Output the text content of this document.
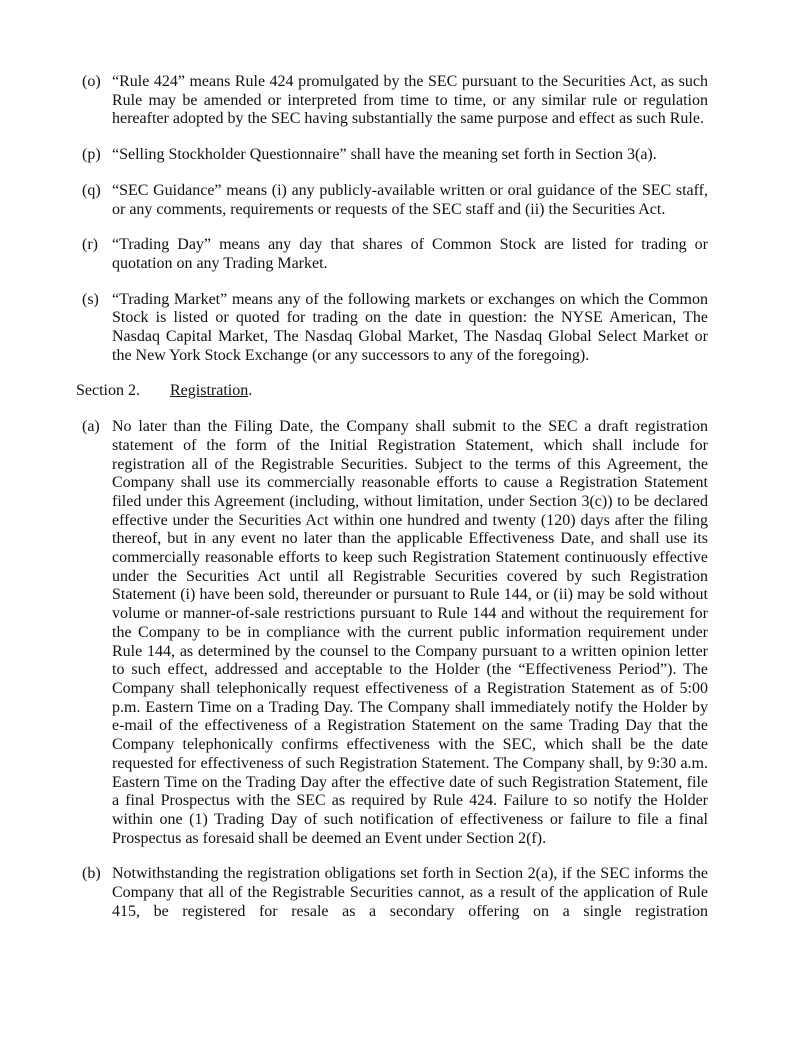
(o) “Rule 424” means Rule 424 promulgated by the SEC pursuant to the Securities Act, as such Rule may be amended or interpreted from time to time, or any similar rule or regulation hereafter adopted by the SEC having substantially the same purpose and effect as such Rule.

(p) “Selling Stockholder Questionnaire” shall have the meaning set forth in Section 3(a).

(q) “SEC Guidance” means (i) any publicly-available written or oral guidance of the SEC staff, or any comments, requirements or requests of the SEC staff and (ii) the Securities Act.

(r) “Trading Day” means any day that shares of Common Stock are listed for trading or quotation on any Trading Market.

(s) “Trading Market” means any of the following markets or exchanges on which the Common Stock is listed or quoted for trading on the date in question: the NYSE American, The Nasdaq Capital Market, The Nasdaq Global Market, The Nasdaq Global Select Market or the New York Stock Exchange (or any successors to any of the foregoing).

Section 2. Registration.

(a) No later than the Filing Date, the Company shall submit to the SEC a draft registration statement of the form of the Initial Registration Statement, which shall include for registration all of the Registrable Securities. Subject to the terms of this Agreement, the Company shall use its commercially reasonable efforts to cause a Registration Statement filed under this Agreement (including, without limitation, under Section 3(c)) to be declared effective under the Securities Act within one hundred and twenty (120) days after the filing thereof, but in any event no later than the applicable Effectiveness Date, and shall use its commercially reasonable efforts to keep such Registration Statement continuously effective under the Securities Act until all Registrable Securities covered by such Registration Statement (i) have been sold, thereunder or pursuant to Rule 144, or (ii) may be sold without volume or manner-of-sale restrictions pursuant to Rule 144 and without the requirement for the Company to be in compliance with the current public information requirement under Rule 144, as determined by the counsel to the Company pursuant to a written opinion letter to such effect, addressed and acceptable to the Holder (the “Effectiveness Period”). The Company shall telephonically request effectiveness of a Registration Statement as of 5:00 p.m. Eastern Time on a Trading Day. The Company shall immediately notify the Holder by e-mail of the effectiveness of a Registration Statement on the same Trading Day that the Company telephonically confirms effectiveness with the SEC, which shall be the date requested for effectiveness of such Registration Statement. The Company shall, by 9:30 a.m. Eastern Time on the Trading Day after the effective date of such Registration Statement, file a final Prospectus with the SEC as required by Rule 424. Failure to so notify the Holder within one (1) Trading Day of such notification of effectiveness or failure to file a final Prospectus as foresaid shall be deemed an Event under Section 2(f).

(b) Notwithstanding the registration obligations set forth in Section 2(a), if the SEC informs the Company that all of the Registrable Securities cannot, as a result of the application of Rule 415, be registered for resale as a secondary offering on a single registration
